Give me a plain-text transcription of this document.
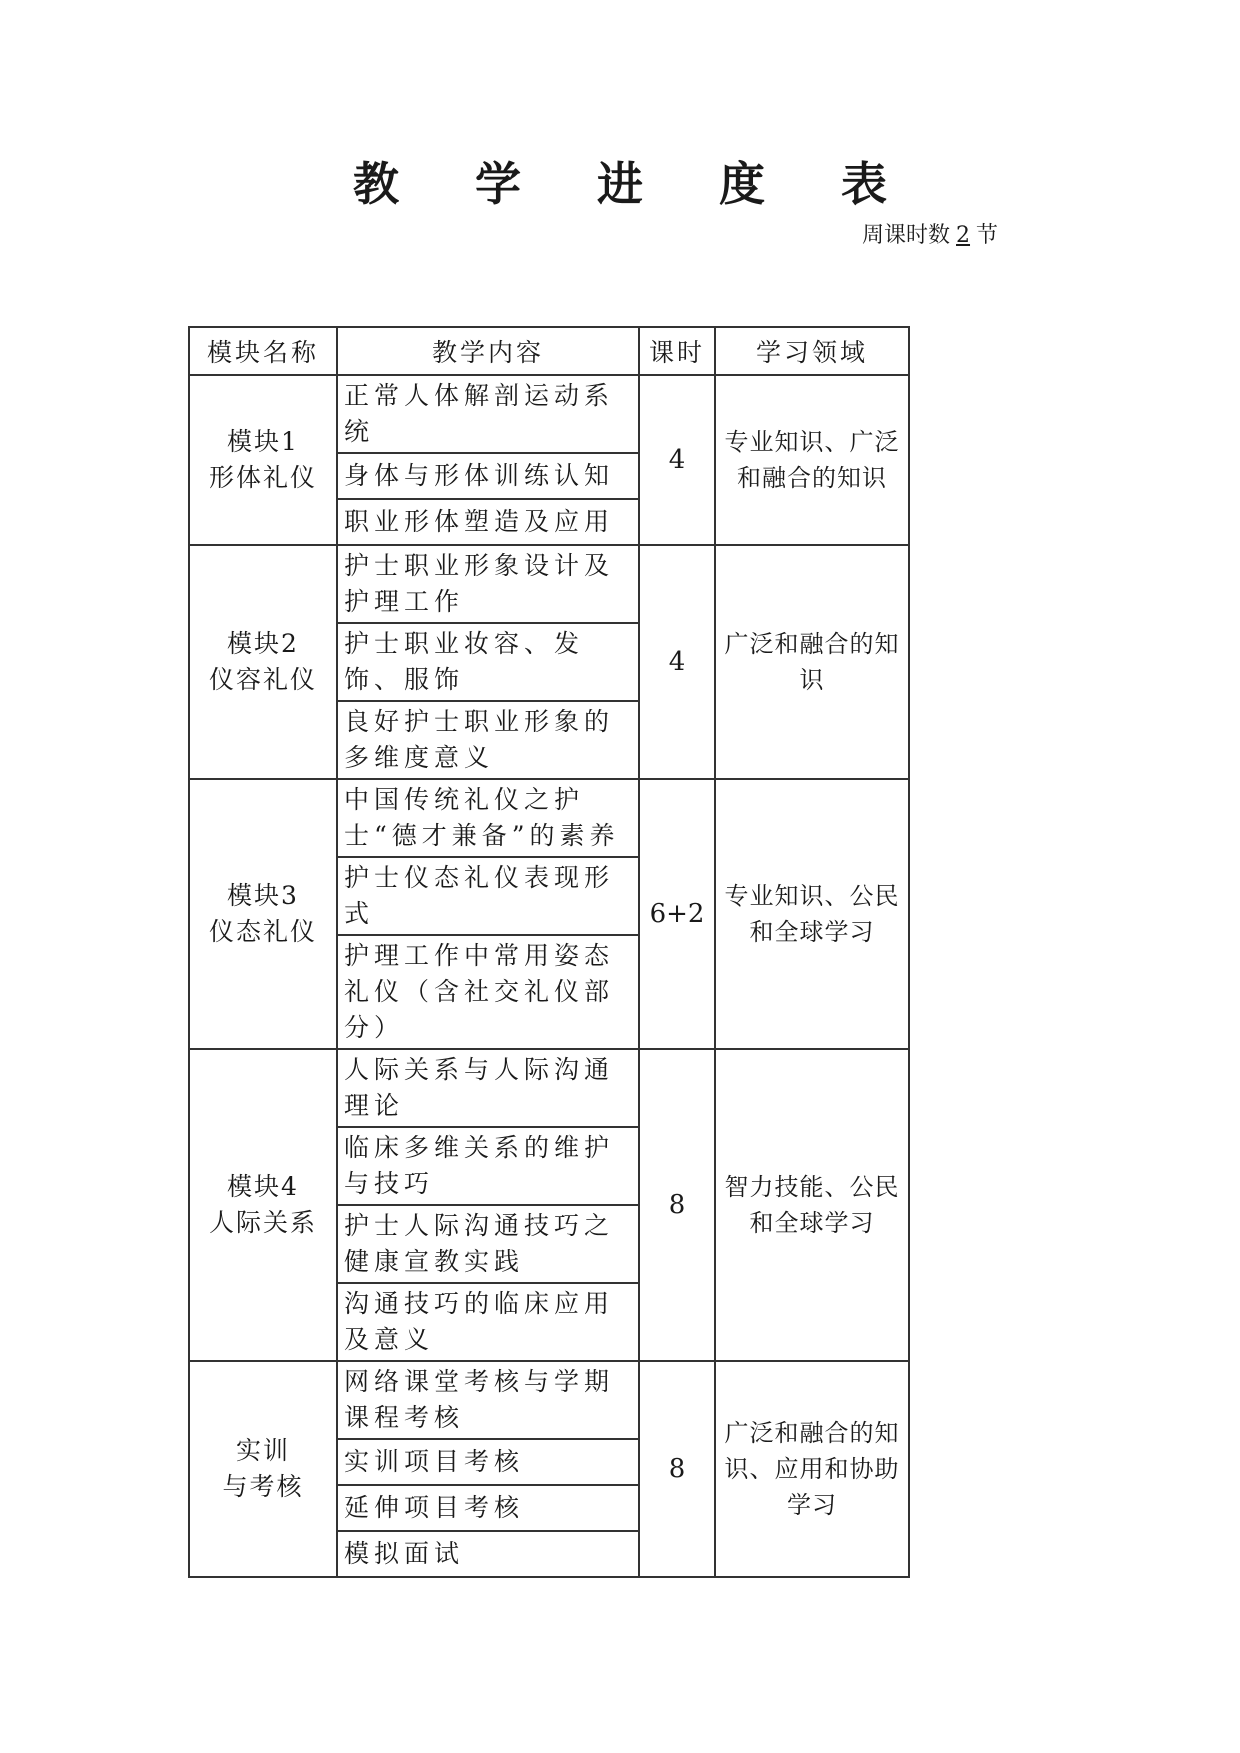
教 学 进 度 表
周课时数 2 节
模块名称	教学内容	课时	学习领域

模块1
形体礼仪	正常人体解剖运动系统	4	专业知识、广泛和融合的知识
	身体与形体训练认知		
	职业形体塑造及应用		

模块2
仪容礼仪	护士职业形象设计及护理工作	4	广泛和融合的知识
	护士职业妆容、发饰、服饰		
	良好护士职业形象的多维度意义		

模块3
仪态礼仪	中国传统礼仪之护士“德才兼备”的素养	6+2	专业知识、公民和全球学习
	护士仪态礼仪表现形式		
	护理工作中常用姿态礼仪（含社交礼仪部分）		

模块4
人际关系	人际关系与人际沟通理论	8	智力技能、公民和全球学习
	临床多维关系的维护与技巧		
	护士人际沟通技巧之健康宣教实践		
	沟通技巧的临床应用及意义		

实训
与考核	网络课堂考核与学期课程考核	8	广泛和融合的知识、应用和协助学习
	实训项目考核		
	延伸项目考核		
	模拟面试		
